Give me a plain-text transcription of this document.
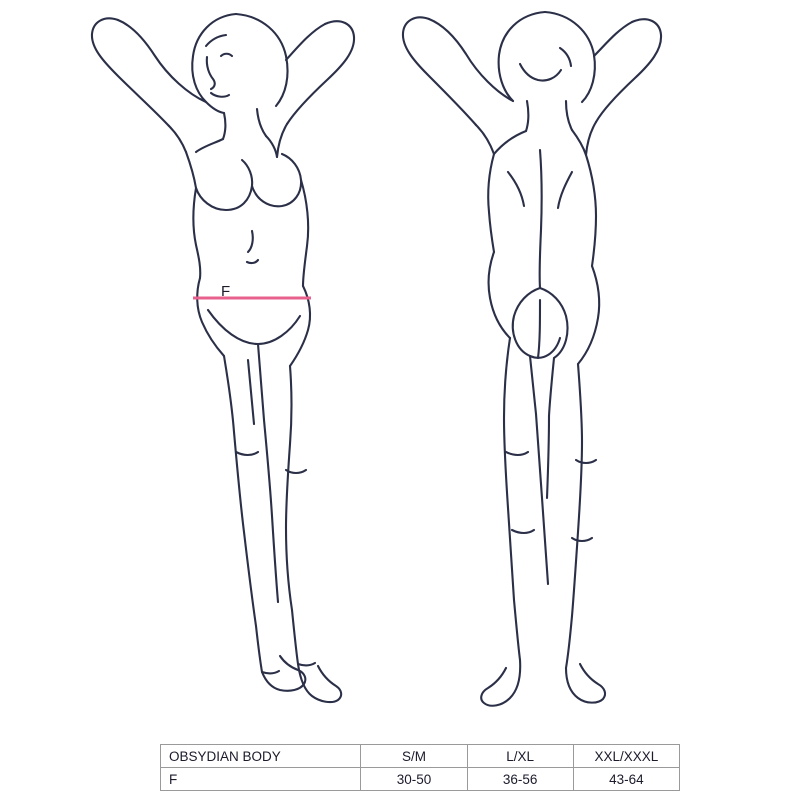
F
OBSYDIAN BODY	S/M	L/XL	XXL/XXXL
F	30-50	36-56	43-64
